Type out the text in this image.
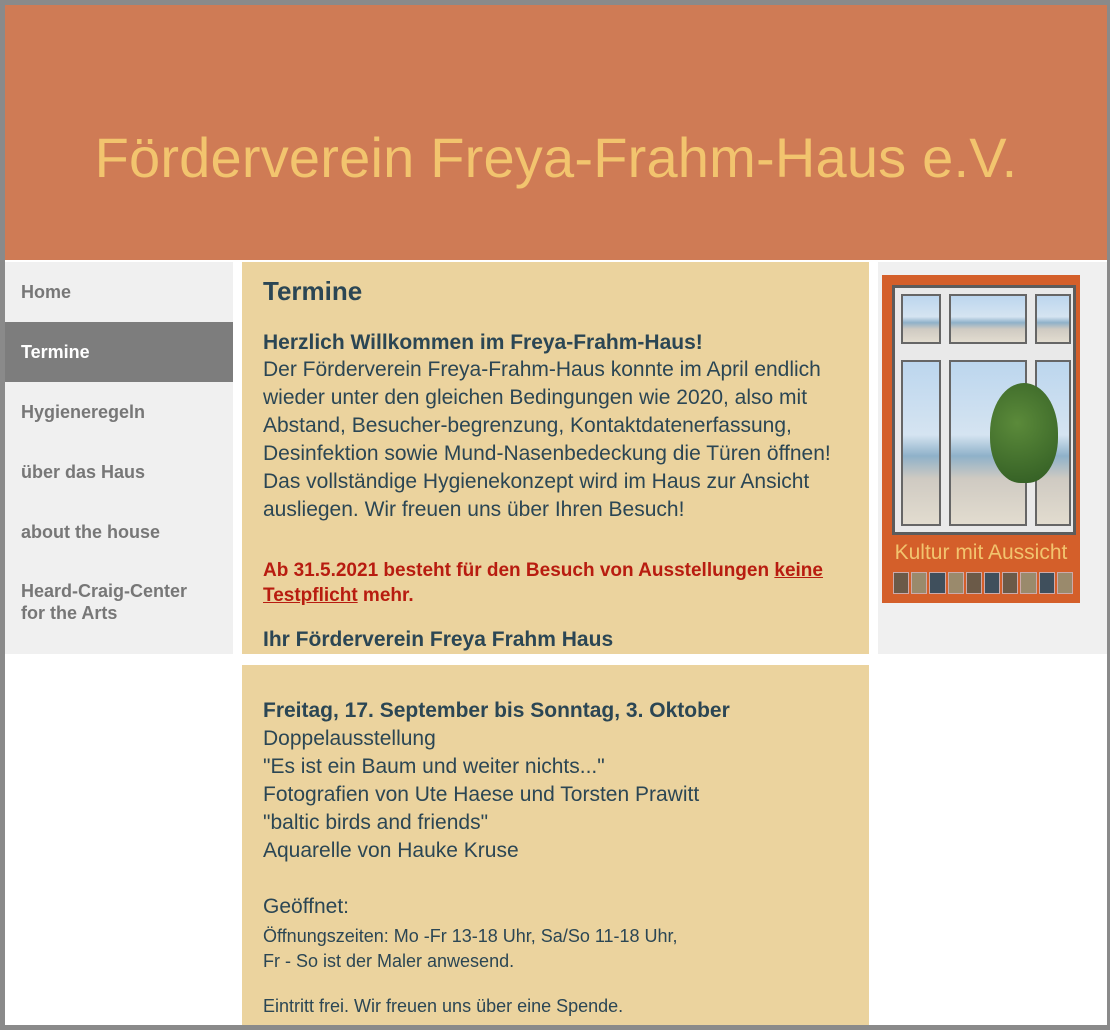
Förderverein Freya-Frahm-Haus e.V.
Home
Termine
Hygieneregeln
über das Haus
about the house
Heard-Craig-Center for the Arts
Termine
Herzlich Willkommen im Freya-Frahm-Haus!

Der Förderverein Freya-Frahm-Haus konnte im April endlich wieder unter den gleichen Bedingungen wie 2020, also mit Abstand, Besucher-begrenzung, Kontaktdatenerfassung, Desinfektion sowie Mund-Nasenbedeckung die Türen öffnen! Das vollständige Hygienekonzept wird im Haus zur Ansicht ausliegen. Wir freuen uns über Ihren Besuch!

Ab 31.5.2021 besteht für den Besuch von Ausstellungen keine Testpflicht mehr.

Ihr Förderverein Freya Frahm Haus
Freitag, 17. September bis Sonntag, 3. Oktober
Doppelausstellung
"Es ist ein Baum und weiter nichts..."
Fotografien von Ute Haese und Torsten Prawitt
"baltic birds and friends"
Aquarelle von Hauke Kruse
Geöffnet:
Öffnungszeiten: Mo -Fr 13-18 Uhr, Sa/So 11-18 Uhr,
Fr - So ist der Maler anwesend.
Eintritt frei. Wir freuen uns über eine Spende.
Kultur mit Aussicht
